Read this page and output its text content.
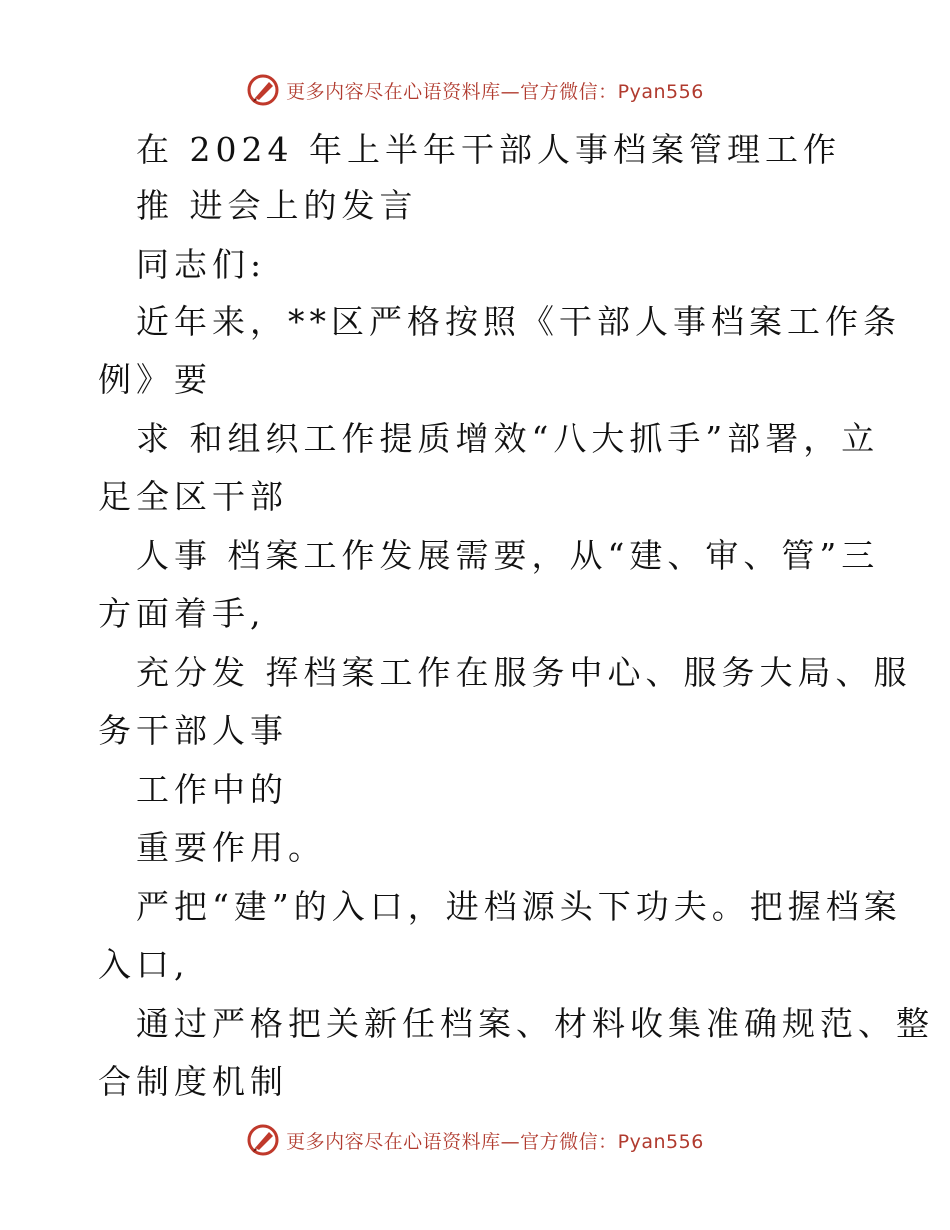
更多内容尽在心语资料库—官方微信：Pyan556
在 2024 年上半年干部人事档案管理工作
推 进会上的发言
同志们:
近年来，**区严格按照《干部人事档案工作条
例》要
求 和组织工作提质增效“八大抓手”部署，立
足全区干部
人事 档案工作发展需要，从“建、审、管”三
方面着手,
充分发 挥档案工作在服务中心、服务大局、服
务干部人事
工作中的
重要作用。
严把“建”的入口，进档源头下功夫。把握档案
入口,
通过严格把关新任档案、材料收集准确规范、整
合制度机制
更多内容尽在心语资料库—官方微信：Pyan556
